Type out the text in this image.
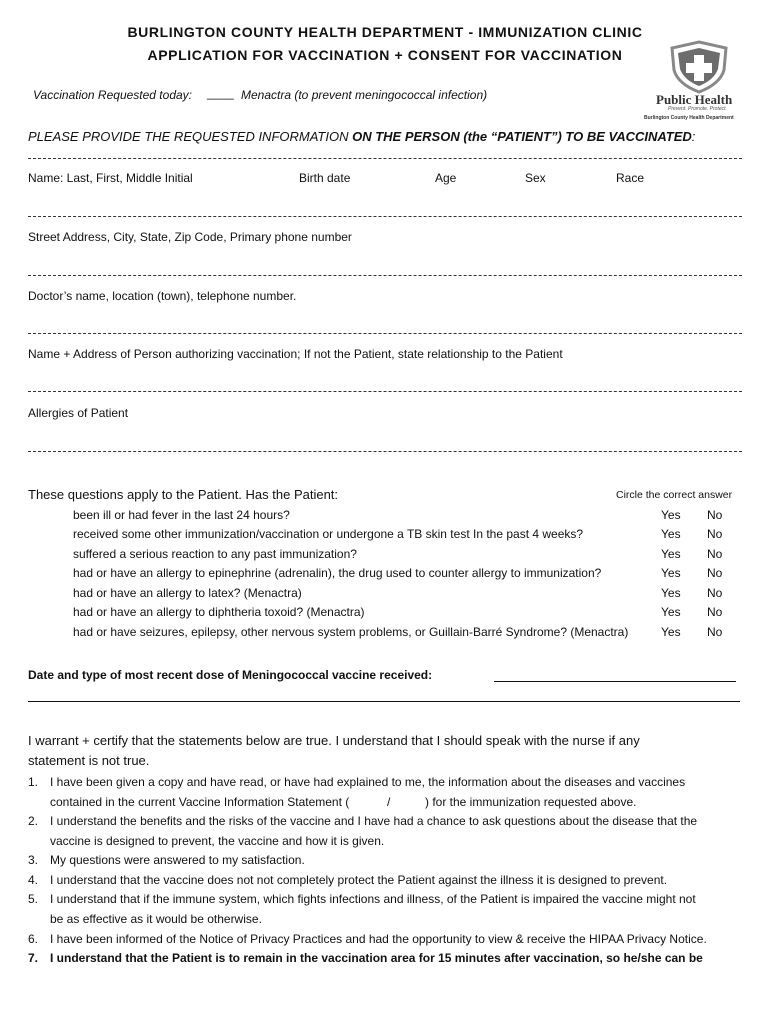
BURLINGTON COUNTY HEALTH DEPARTMENT - IMMUNIZATION CLINIC
APPLICATION FOR VACCINATION + CONSENT FOR VACCINATION
Vaccination Requested today: ____ Menactra (to prevent meningococcal infection)	Public Health
Prevent. Promote. Protect.
Burlington County Health Department
PLEASE PROVIDE THE REQUESTED INFORMATION ON THE PERSON (the “PATIENT”) TO BE VACCINATED:
Name: Last, First, Middle Initial	Birth date	Age	Sex	Race
Street Address, City, State, Zip Code, Primary phone number
Doctor’s name, location (town), telephone number.
Name + Address of Person authorizing vaccination; If not the Patient, state relationship to the Patient
Allergies of Patient
These questions apply to the Patient. Has the Patient:	Circle the correct answer
been ill or had fever in the last 24 hours?	Yes No
received some other immunization/vaccination or undergone a TB skin test In the past 4 weeks?	Yes No
suffered a serious reaction to any past immunization?	Yes No
had or have an allergy to epinephrine (adrenalin), the drug used to counter allergy to immunization?	Yes No
had or have an allergy to latex? (Menactra)	Yes No
had or have an allergy to diphtheria toxoid? (Menactra)	Yes No
had or have seizures, epilepsy, other nervous system problems, or Guillain-Barré Syndrome? (Menactra)	Yes No
Date and type of most recent dose of Meningococcal vaccine received:
I warrant + certify that the statements below are true. I understand that I should speak with the nurse if any
statement is not true.
1. I have been given a copy and have read, or have had explained to me, the information about the diseases and vaccines
contained in the current Vaccine Information Statement (	/	) for the immunization requested above.
2. I understand the benefits and the risks of the vaccine and I have had a chance to ask questions about the disease that the
vaccine is designed to prevent, the vaccine and how it is given.
3. My questions were answered to my satisfaction.
4. I understand that the vaccine does not not completely protect the Patient against the illness it is designed to prevent.
5. I understand that if the immune system, which fights infections and illness, of the Patient is impaired the vaccine might not
be as effective as it would be otherwise.
6. I have been informed of the Notice of Privacy Practices and had the opportunity to view & receive the HIPAA Privacy Notice.
7. I understand that the Patient is to remain in the vaccination area for 15 minutes after vaccination, so he/she can be
